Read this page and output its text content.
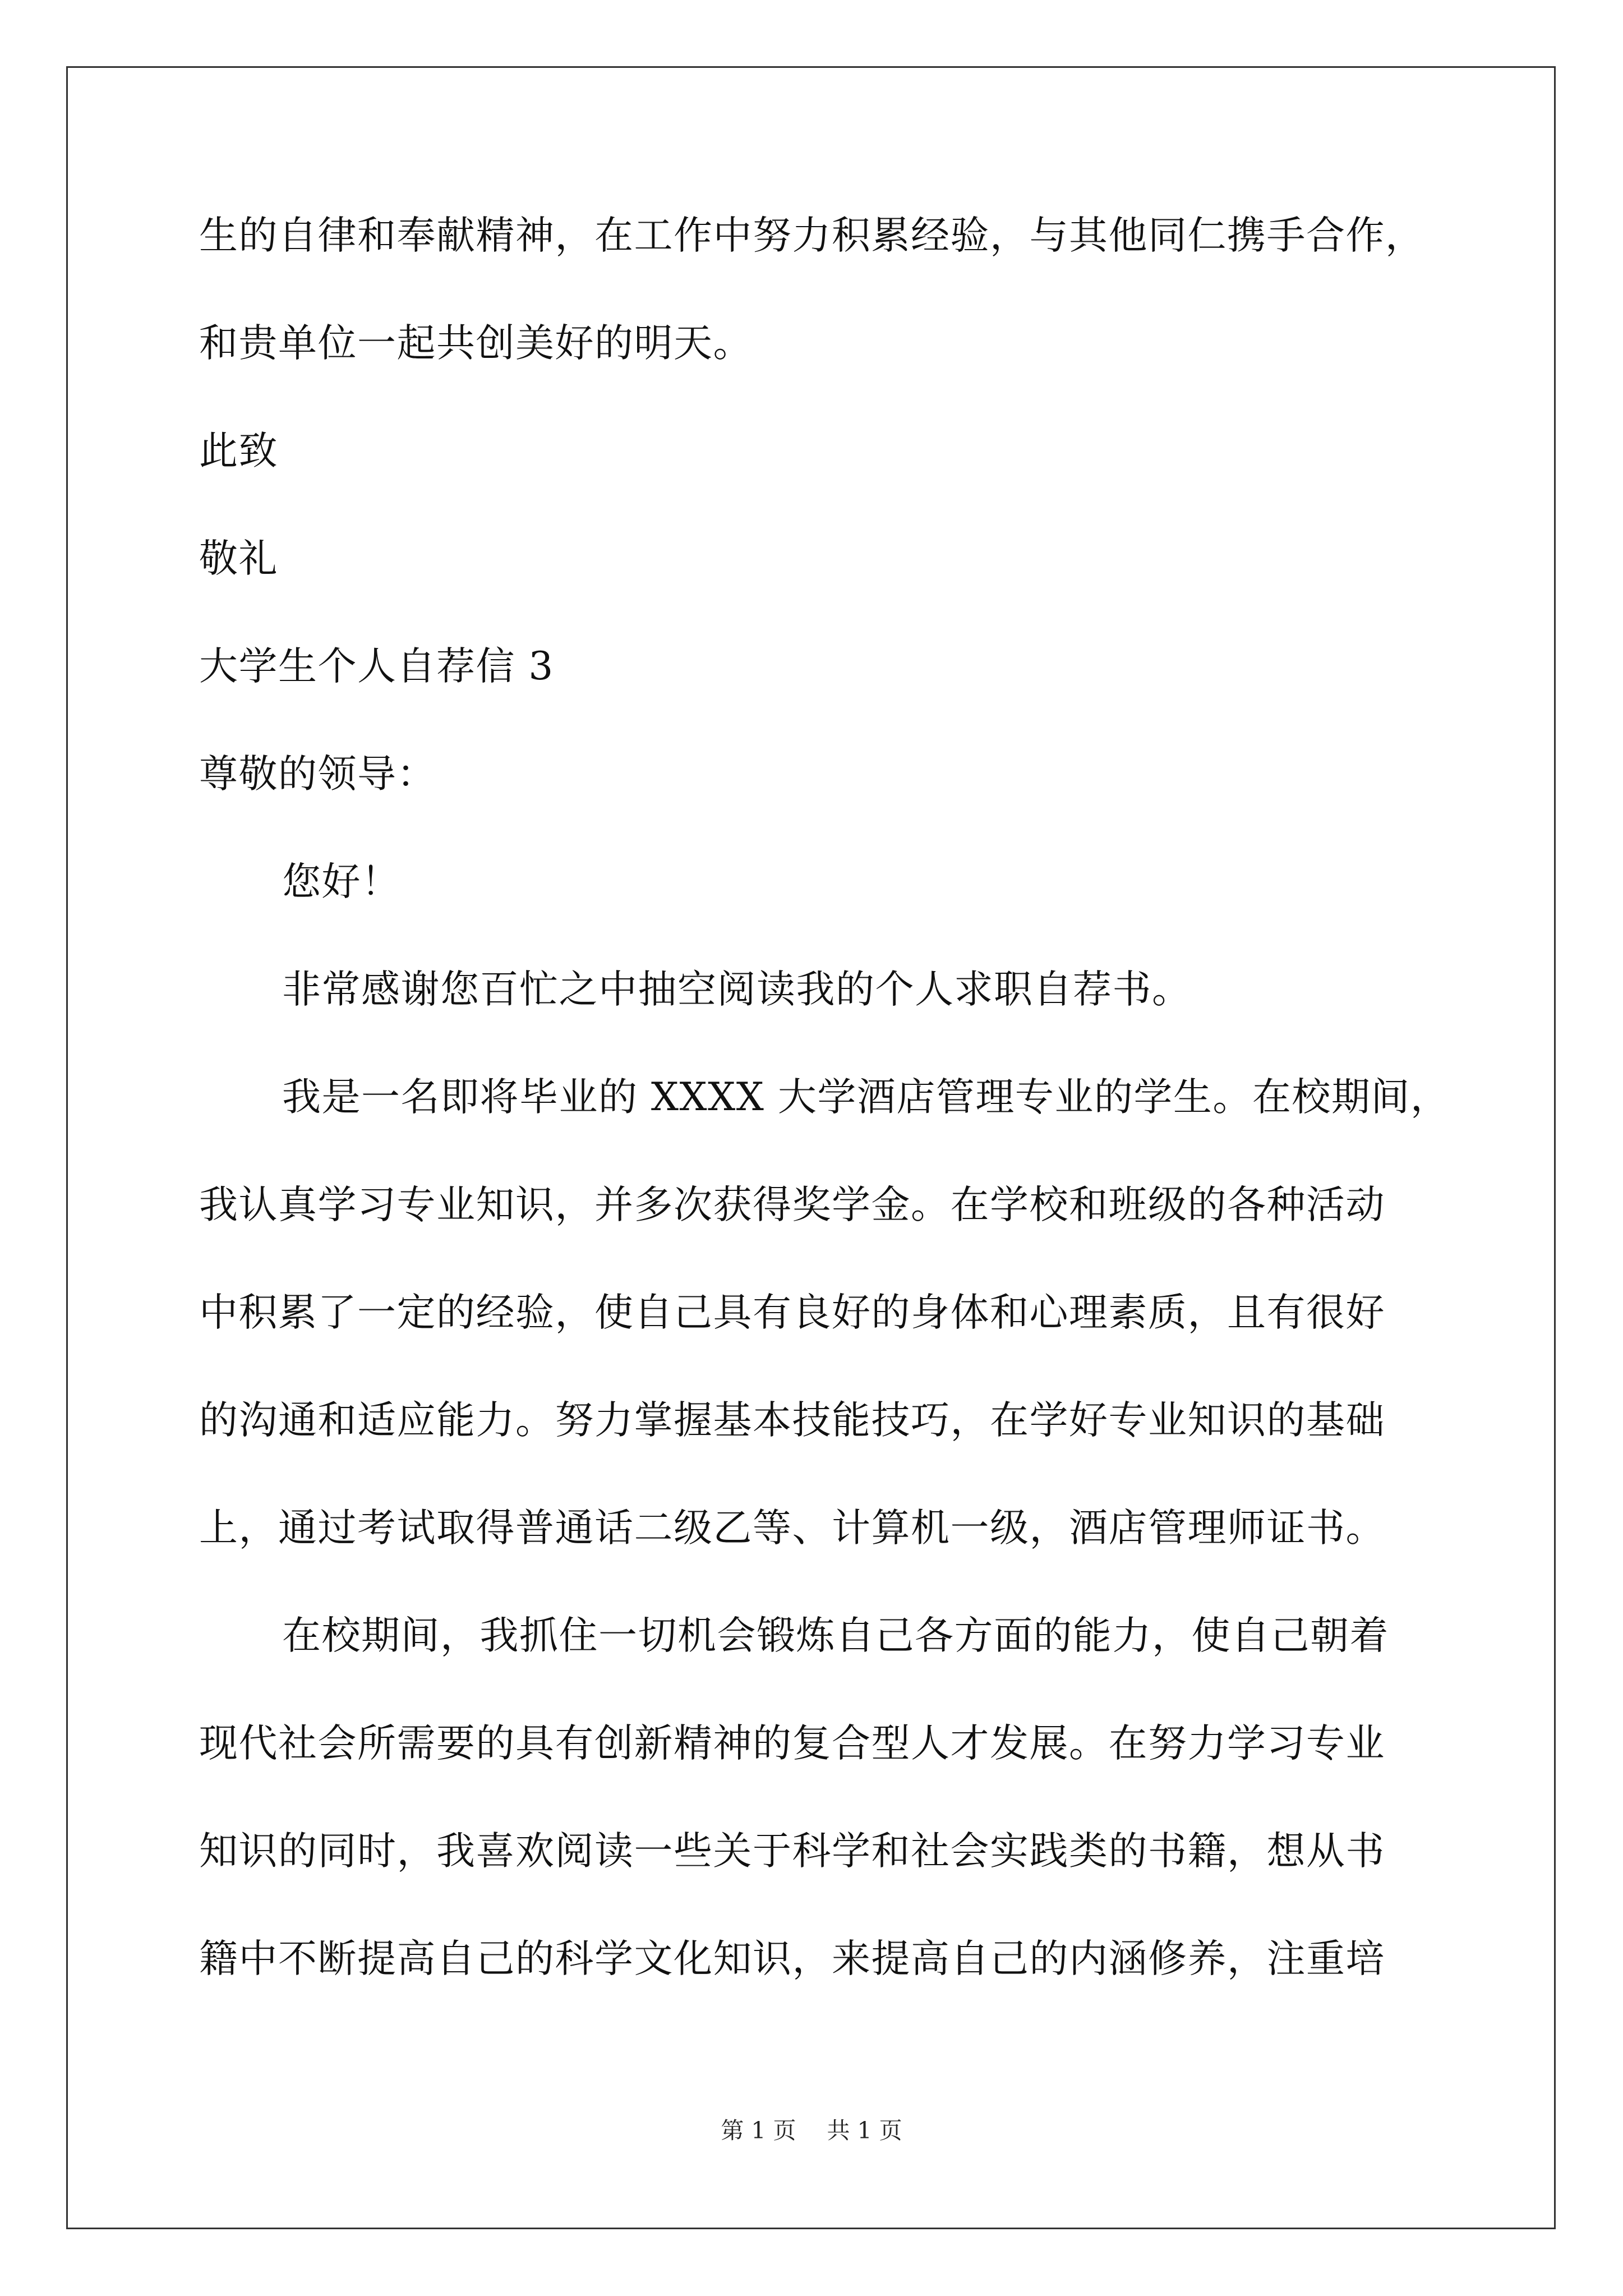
生的自律和奉献精神，在工作中努力积累经验，与其他同仁携手合作，
和贵单位一起共创美好的明天。
此致
敬礼
大学生个人自荐信 3
尊敬的领导：
您好！
非常感谢您百忙之中抽空阅读我的个人求职自荐书。
我是一名即将毕业的 XXXX 大学酒店管理专业的学生。在校期间，
我认真学习专业知识，并多次获得奖学金。在学校和班级的各种活动
中积累了一定的经验，使自己具有良好的身体和心理素质，且有很好
的沟通和适应能力。努力掌握基本技能技巧，在学好专业知识的基础
上，通过考试取得普通话二级乙等、计算机一级，酒店管理师证书。
在校期间，我抓住一切机会锻炼自己各方面的能力，使自己朝着
现代社会所需要的具有创新精神的复合型人才发展。在努力学习专业
知识的同时，我喜欢阅读一些关于科学和社会实践类的书籍，想从书
籍中不断提高自己的科学文化知识，来提高自己的内涵修养，注重培
第 1 页 共 1 页
